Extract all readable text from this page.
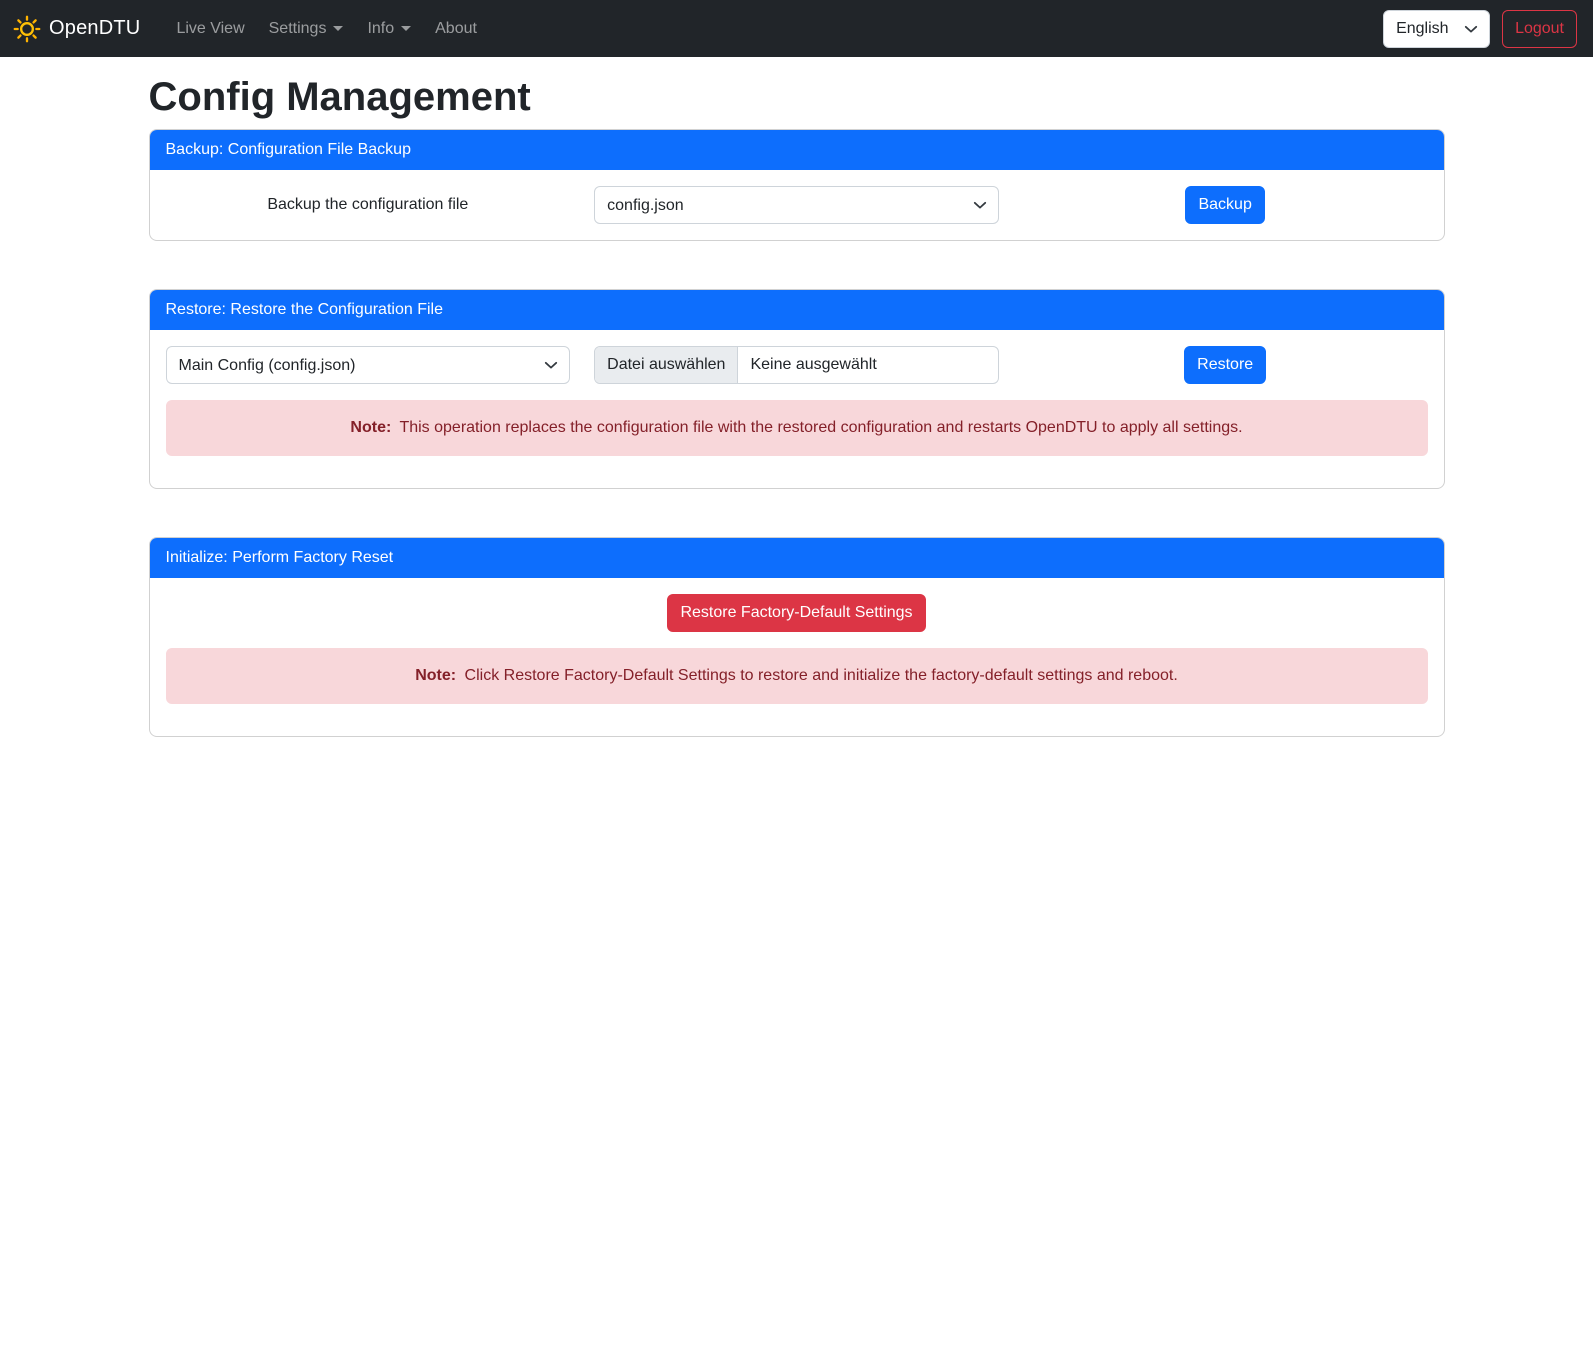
OpenDTU Live View Settings	Info	About
English	Logout
Config Management
Backup: Configuration File Backup
Backup the configuration file
config.json	Backup
Restore: Restore the Configuration File
Main Config (config.json)
Datei auswählen	Keine ausgewählt	Restore
Note: This operation replaces the configuration file with the restored configuration and restarts OpenDTU to apply all settings.
Initialize: Perform Factory Reset
Restore Factory-Default Settings
Note: Click Restore Factory-Default Settings to restore and initialize the factory-default settings and reboot.
